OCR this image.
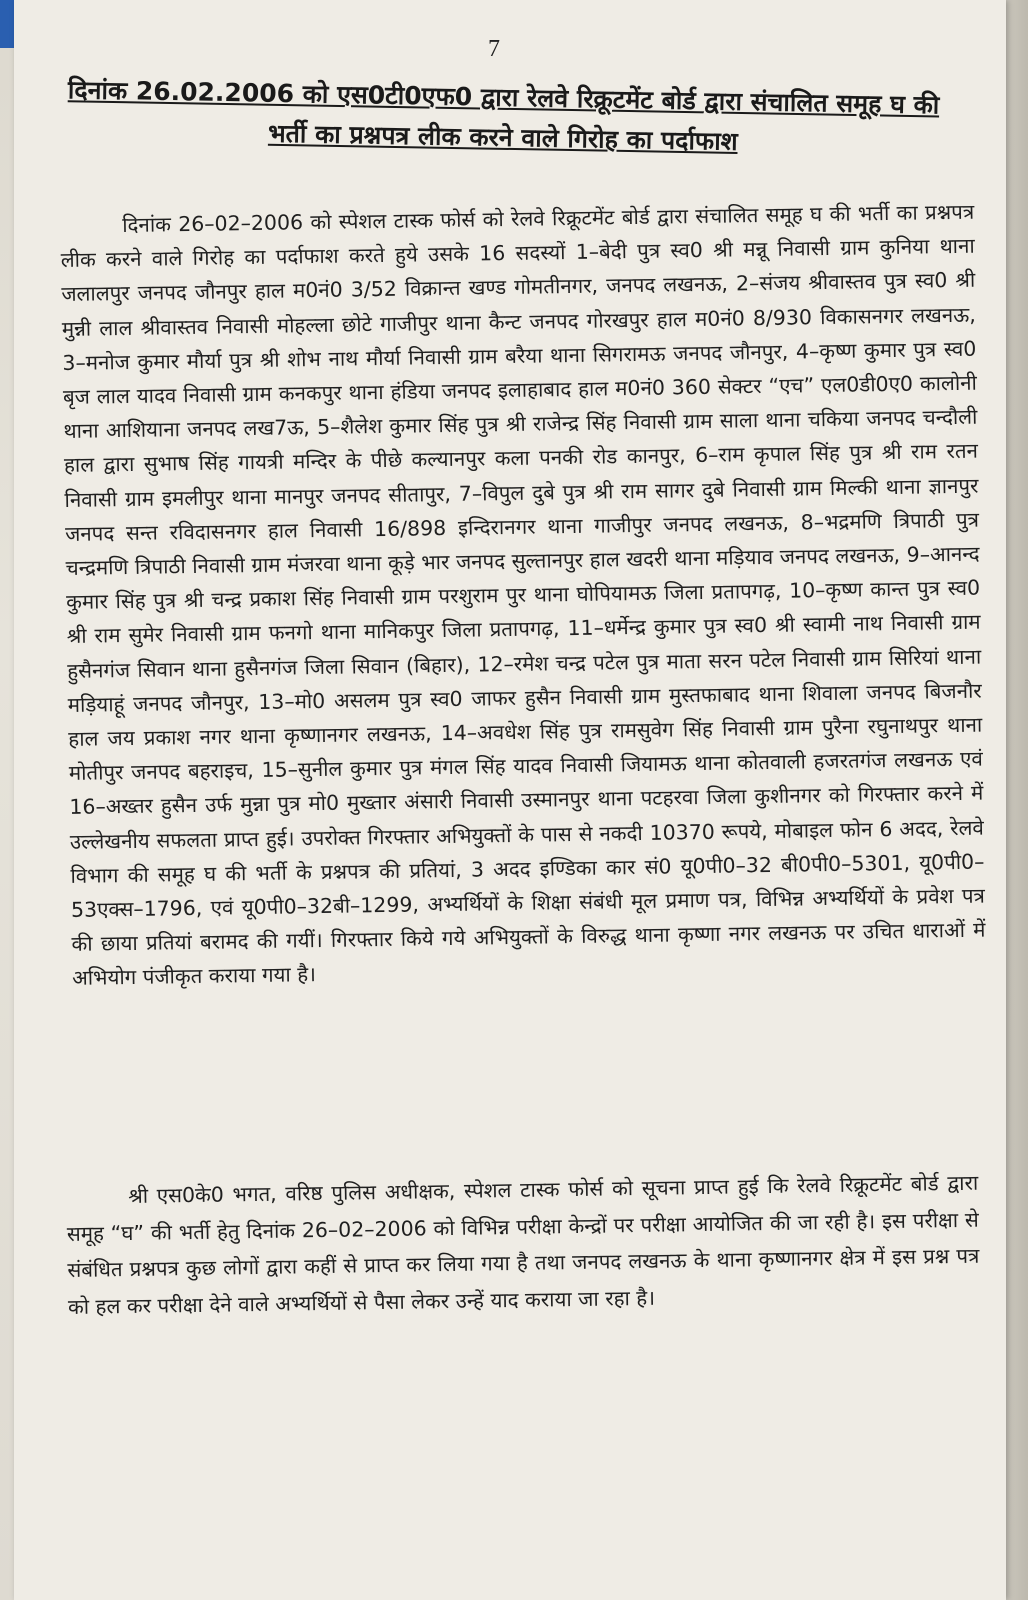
7
दिनांक 26.02.2006 को एस0टी0एफ0 द्वारा रेलवे रिक्रूटमेंट बोर्ड द्वारा संचालित समूह घ की भर्ती का प्रश्नपत्र लीक करने वाले गिरोह का पर्दाफाश

दिनांक 26–02–2006 को स्पेशल टास्क फोर्स को रेलवे रिक्रूटमेंट बोर्ड द्वारा संचालित समूह घ की भर्ती का प्रश्नपत्र लीक करने वाले गिरोह का पर्दाफाश करते हुये उसके 16 सदस्यों 1–बेदी पुत्र स्व0 श्री मन्नू निवासी ग्राम कुनिया थाना जलालपुर जनपद जौनपुर हाल म0नं0 3/52 विक्रान्त खण्ड गोमतीनगर, जनपद लखनऊ, 2–संजय श्रीवास्तव पुत्र स्व0 श्री मुन्नी लाल श्रीवास्तव निवासी मोहल्ला छोटे गाजीपुर थाना कैन्ट जनपद गोरखपुर हाल म0नं0 8/930 विकासनगर लखनऊ, 3–मनोज कुमार मौर्या पुत्र श्री शोभ नाथ मौर्या निवासी ग्राम बरैया थाना सिगरामऊ जनपद जौनपुर, 4–कृष्ण कुमार पुत्र स्व0 बृज लाल यादव निवासी ग्राम कनकपुर थाना हंडिया जनपद इलाहाबाद हाल म0नं0 360 सेक्टर “एच” एल0डी0ए0 कालोनी थाना आशियाना जनपद लख7ऊ, 5–शैलेश कुमार सिंह पुत्र श्री राजेन्द्र सिंह निवासी ग्राम साला थाना चकिया जनपद चन्दौली हाल द्वारा सुभाष सिंह गायत्री मन्दिर के पीछे कल्यानपुर कला पनकी रोड कानपुर, 6–राम कृपाल सिंह पुत्र श्री राम रतन निवासी ग्राम इमलीपुर थाना मानपुर जनपद सीतापुर, 7–विपुल दुबे पुत्र श्री राम सागर दुबे निवासी ग्राम मिल्की थाना ज्ञानपुर जनपद सन्त रविदासनगर हाल निवासी 16/898 इन्दिरानगर थाना गाजीपुर जनपद लखनऊ, 8–भद्रमणि त्रिपाठी पुत्र चन्द्रमणि त्रिपाठी निवासी ग्राम मंजरवा थाना कूड़े भार जनपद सुल्तानपुर हाल खदरी थाना मड़ियाव जनपद लखनऊ, 9–आनन्द कुमार सिंह पुत्र श्री चन्द्र प्रकाश सिंह निवासी ग्राम परशुराम पुर थाना घोपियामऊ जिला प्रतापगढ़, 10–कृष्ण कान्त पुत्र स्व0 श्री राम सुमेर निवासी ग्राम फनगो थाना मानिकपुर जिला प्रतापगढ़, 11–धर्मेन्द्र कुमार पुत्र स्व0 श्री स्वामी नाथ निवासी ग्राम हुसैनगंज सिवान थाना हुसैनगंज जिला सिवान (बिहार), 12–रमेश चन्द्र पटेल पुत्र माता सरन पटेल निवासी ग्राम सिरियां थाना मड़ियाहूं जनपद जौनपुर, 13–मो0 असलम पुत्र स्व0 जाफर हुसैन निवासी ग्राम मुस्तफाबाद थाना शिवाला जनपद बिजनौर हाल जय प्रकाश नगर थाना कृष्णानगर लखनऊ, 14–अवधेश सिंह पुत्र रामसुवेग सिंह निवासी ग्राम पुरैना रघुनाथपुर थाना मोतीपुर जनपद बहराइच, 15–सुनील कुमार पुत्र मंगल सिंह यादव निवासी जियामऊ थाना कोतवाली हजरतगंज लखनऊ एवं 16–अख्तर हुसैन उर्फ मुन्ना पुत्र मो0 मुख्तार अंसारी निवासी उस्मानपुर थाना पटहरवा जिला कुशीनगर को गिरफ्तार करने में उल्लेखनीय सफलता प्राप्त हुई। उपरोक्त गिरफ्तार अभियुक्तों के पास से नकदी 10370 रूपये, मोबाइल फोन 6 अदद, रेलवे विभाग की समूह घ की भर्ती के प्रश्नपत्र की प्रतियां, 3 अदद इण्डिका कार सं0 यू0पी0–32 बी0पी0–5301, यू0पी0–53एक्स–1796, एवं यू0पी0–32बी–1299, अभ्यर्थियों के शिक्षा संबंधी मूल प्रमाण पत्र, विभिन्न अभ्यर्थियों के प्रवेश पत्र की छाया प्रतियां बरामद की गयीं। गिरफ्तार किये गये अभियुक्तों के विरुद्ध थाना कृष्णा नगर लखनऊ पर उचित धाराओं में अभियोग पंजीकृत कराया गया है।

श्री एस0के0 भगत, वरिष्ठ पुलिस अधीक्षक, स्पेशल टास्क फोर्स को सूचना प्राप्त हुई कि रेलवे रिक्रूटमेंट बोर्ड द्वारा समूह “घ” की भर्ती हेतु दिनांक 26–02–2006 को विभिन्न परीक्षा केन्द्रों पर परीक्षा आयोजित की जा रही है। इस परीक्षा से संबंधित प्रश्नपत्र कुछ लोगों द्वारा कहीं से प्राप्त कर लिया गया है तथा जनपद लखनऊ के थाना कृष्णानगर क्षेत्र में इस प्रश्न पत्र को हल कर परीक्षा देने वाले अभ्यर्थियों से पैसा लेकर उन्हें याद कराया जा रहा है।
